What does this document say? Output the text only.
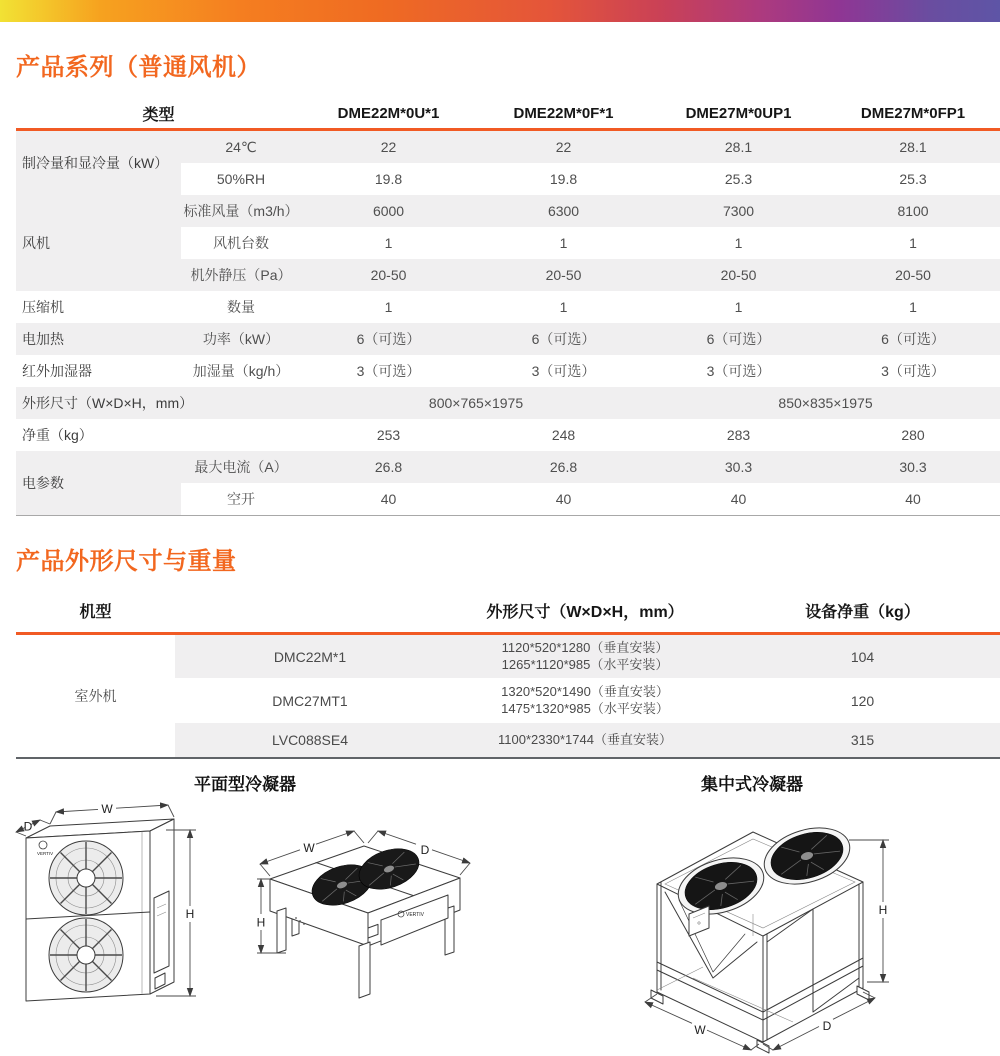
产品系列（普通风机）
类型		DME22M*0U*1	DME22M*0F*1	DME27M*0UP1	DME27M*0FP1
制冷量和显冷量（kW）	24℃	22	22	28.1	28.1
	50%RH	19.8	19.8	25.3	25.3
风机	标准风量（m3/h）	6000	6300	7300	8100
	风机台数	1	1	1	1
	机外静压（Pa）	20-50	20-50	20-50	20-50
压缩机	数量	1	1	1	1
电加热	功率（kW）	6（可选）	6（可选）	6（可选）	6（可选）
红外加湿器	加湿量（kg/h）	3（可选）	3（可选）	3（可选）	3（可选）
外形尺寸（W×D×H，mm）		800×765×1975		850×835×1975	
净重（kg）		253	248	283	280
电参数	最大电流（A）	26.8	26.8	30.3	30.3
	空开	40	40	40	40
产品外形尺寸与重量
机型		外形尺寸（W×D×H，mm）	设备净重（kg）
室外机	DMC22M*1	1120*520*1280（垂直安装）
1265*1120*985（水平安装）	104
	DMC27MT1	1320*520*1490（垂直安装）
1475*1320*985（水平安装）	120
	LVC088SE4	1100*2330*1744（垂直安装）	315
平面型冷凝器	集中式冷凝器
VERTIV
W
D
H	VERTIV
W	D
H
H
D
W
